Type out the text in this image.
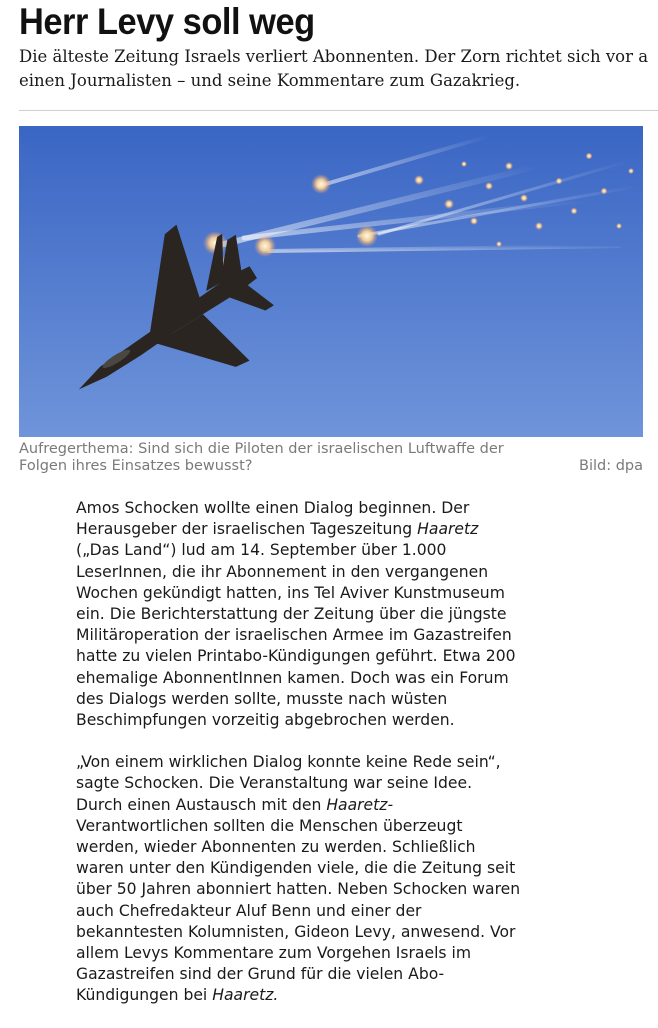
Herr Levy soll weg
Die älteste Zeitung Israels verliert Abonnenten. Der Zorn richtet sich vor a
einen Journalisten – und seine Kommentare zum Gazakrieg.
Aufregerthema: Sind sich die Piloten der israelischen Luftwaffe der
Folgen ihres Einsatzes bewusst?	Bild: dpa

Amos Schocken wollte einen Dialog beginnen. Der
Herausgeber der israelischen Tageszeitung Haaretz
(„Das Land“) lud am 14. September über 1.000
LeserInnen, die ihr Abonnement in den vergangenen
Wochen gekündigt hatten, ins Tel Aviver Kunstmuseum
ein. Die Berichterstattung der Zeitung über die jüngste
Militäroperation der israelischen Armee im Gazastreifen
hatte zu vielen Printabo-Kündigungen geführt. Etwa 200
ehemalige AbonnentInnen kamen. Doch was ein Forum
des Dialogs werden sollte, musste nach wüsten
Beschimpfungen vorzeitig abgebrochen werden.

„Von einem wirklichen Dialog konnte keine Rede sein“,
sagte Schocken. Die Veranstaltung war seine Idee.
Durch einen Austausch mit den Haaretz-
Verantwortlichen sollten die Menschen überzeugt
werden, wieder Abonnenten zu werden. Schließlich
waren unter den Kündigenden viele, die die Zeitung seit
über 50 Jahren abonniert hatten. Neben Schocken waren
auch Chefredakteur Aluf Benn und einer der
bekanntesten Kolumnisten, Gideon Levy, anwesend. Vor
allem Levys Kommentare zum Vorgehen Israels im
Gazastreifen sind der Grund für die vielen Abo-
Kündigungen bei Haaretz.
